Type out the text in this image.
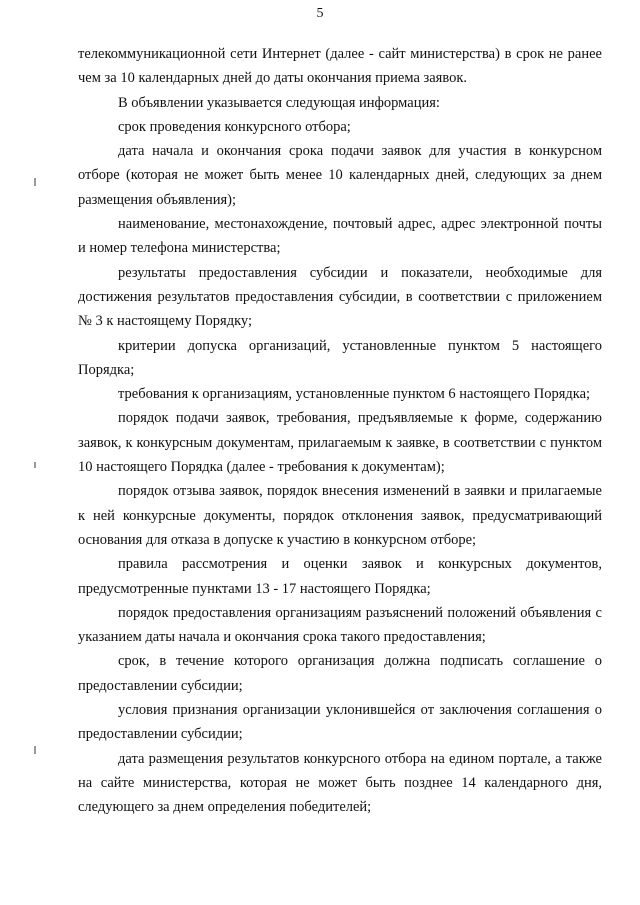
5

телекоммуникационной сети Интернет (далее - сайт министерства) в срок не ранее чем за 10 календарных дней до даты окончания приема заявок.

В объявлении указывается следующая информация:

срок проведения конкурсного отбора;

дата начала и окончания срока подачи заявок для участия в конкурсном отборе (которая не может быть менее 10 календарных дней, следующих за днем размещения объявления);

наименование, местонахождение, почтовый адрес, адрес электронной почты и номер телефона министерства;

результаты предоставления субсидии и показатели, необходимые для достижения результатов предоставления субсидии, в соответствии с приложением № 3 к настоящему Порядку;

критерии допуска организаций, установленные пунктом 5 настоящего Порядка;

требования к организациям, установленные пунктом 6 настоящего Порядка;

порядок подачи заявок, требования, предъявляемые к форме, содержанию заявок, к конкурсным документам, прилагаемым к заявке, в соответствии с пунктом 10 настоящего Порядка (далее - требования к документам);

порядок отзыва заявок, порядок внесения изменений в заявки и прилагаемые к ней конкурсные документы, порядок отклонения заявок, предусматривающий основания для отказа в допуске к участию в конкурсном отборе;

правила рассмотрения и оценки заявок и конкурсных документов, предусмотренные пунктами 13 - 17 настоящего Порядка;

порядок предоставления организациям разъяснений положений объявления с указанием даты начала и окончания срока такого предоставления;

срок, в течение которого организация должна подписать соглашение о предоставлении субсидии;

условия признания организации уклонившейся от заключения соглашения о предоставлении субсидии;

дата размещения результатов конкурсного отбора на едином портале, а также на сайте министерства, которая не может быть позднее 14 календарного дня, следующего за днем определения победителей;
